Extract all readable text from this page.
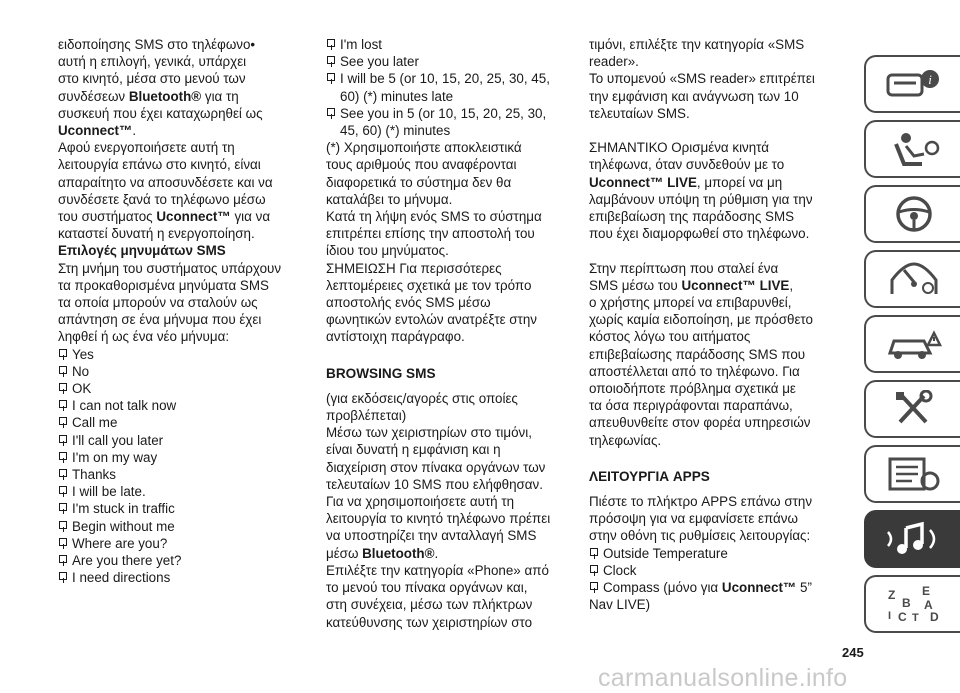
ειδοποίησης SMS στο τηλέφωνο•

αυτή η επιλογή, γενικά, υπάρχει

στο κινητό, μέσα στο μενού των

συνδέσεων Bluetooth® για τη

συσκευή που έχει καταχωρηθεί ως

Uconnect™.

Αφού ενεργοποιήσετε αυτή τη

λειτουργία επάνω στο κινητό, είναι

απαραίτητο να αποσυνδέσετε και να

συνδέσετε ξανά το τηλέφωνο μέσω

του συστήματος Uconnect™ για να

καταστεί δυνατή η ενεργοποίηση.

Επιλογές μηνυμάτων SMS

Στη μνήμη του συστήματος υπάρχουν

τα προκαθορισμένα μηνύματα SMS

τα οποία μπορούν να σταλούν ως

απάντηση σε ένα μήνυμα που έχει

ληφθεί ή ως ένα νέο μήνυμα:

Yes
No
OK
I can not talk now
Call me
I'll call you later
I'm on my way
Thanks
I will be late.
I'm stuck in traffic
Begin without me
Where are you?
Are you there yet?
I need directions
I'm lost
See you later
I will be 5 (or 10, 15, 20, 25, 30, 45, 60) (*) minutes late
See you in 5 (or 10, 15, 20, 25, 30, 45, 60) (*) minutes

(*) Χρησιμοποιήστε αποκλειστικά

τους αριθμούς που αναφέρονται

διαφορετικά το σύστημα δεν θα

καταλάβει το μήνυμα.

Κατά τη λήψη ενός SMS το σύστημα

επιτρέπει επίσης την αποστολή του

ίδιου του μηνύματος.

ΣΗΜΕΙΩΣΗ Για περισσότερες

λεπτομέρειες σχετικά με τον τρόπο

αποστολής ενός SMS μέσω

φωνητικών εντολών ανατρέξτε στην

αντίστοιχη παράγραφο.

BROWSING SMS

(για εκδόσεις/αγορές στις οποίες

προβλέπεται)

Μέσω των χειριστηρίων στο τιμόνι,

είναι δυνατή η εμφάνιση και η

διαχείριση στον πίνακα οργάνων των

τελευταίων 10 SMS που ελήφθησαν.

Για να χρησιμοποιήσετε αυτή τη

λειτουργία το κινητό τηλέφωνο πρέπει

να υποστηρίζει την ανταλλαγή SMS

μέσω Bluetooth®.

Επιλέξτε την κατηγορία «Phone» από

το μενού του πίνακα οργάνων και,

στη συνέχεια, μέσω των πλήκτρων

κατεύθυνσης των χειριστηρίων στο

τιμόνι, επιλέξτε την κατηγορία «SMS

reader».

Το υπομενού «SMS reader» επιτρέπει

την εμφάνιση και ανάγνωση των 10

τελευταίων SMS.

ΣΗΜΑΝΤΙΚΟ Ορισμένα κινητά

τηλέφωνα, όταν συνδεθούν με το

Uconnect™ LIVE, μπορεί να μη

λαμβάνουν υπόψη τη ρύθμιση για την

επιβεβαίωση της παράδοσης SMS

που έχει διαμορφωθεί στο τηλέφωνο.

Στην περίπτωση που σταλεί ένα

SMS μέσω του Uconnect™ LIVE,

ο χρήστης μπορεί να επιβαρυνθεί,

χωρίς καμία ειδοποίηση, με πρόσθετο

κόστος λόγω του αιτήματος

επιβεβαίωσης παράδοσης SMS που

αποστέλλεται από το τηλέφωνο. Για

οποιοδήποτε πρόβλημα σχετικά με

τα όσα περιγράφονται παραπάνω,

απευθυνθείτε στον φορέα υπηρεσιών

τηλεφωνίας.

ΛΕΙΤΟΥΡΓΙΑ APPS

Πιέστε το πλήκτρο APPS επάνω στην

πρόσοψη για να εμφανίσετε επάνω

στην οθόνη τις ρυθμίσεις λειτουργίας:

Outside Temperature
Clock
Compass (μόνο για Uconnect™ 5”

Nav LIVE)

i
Z E
B A
I C T D
245
carmanualsonline.info
